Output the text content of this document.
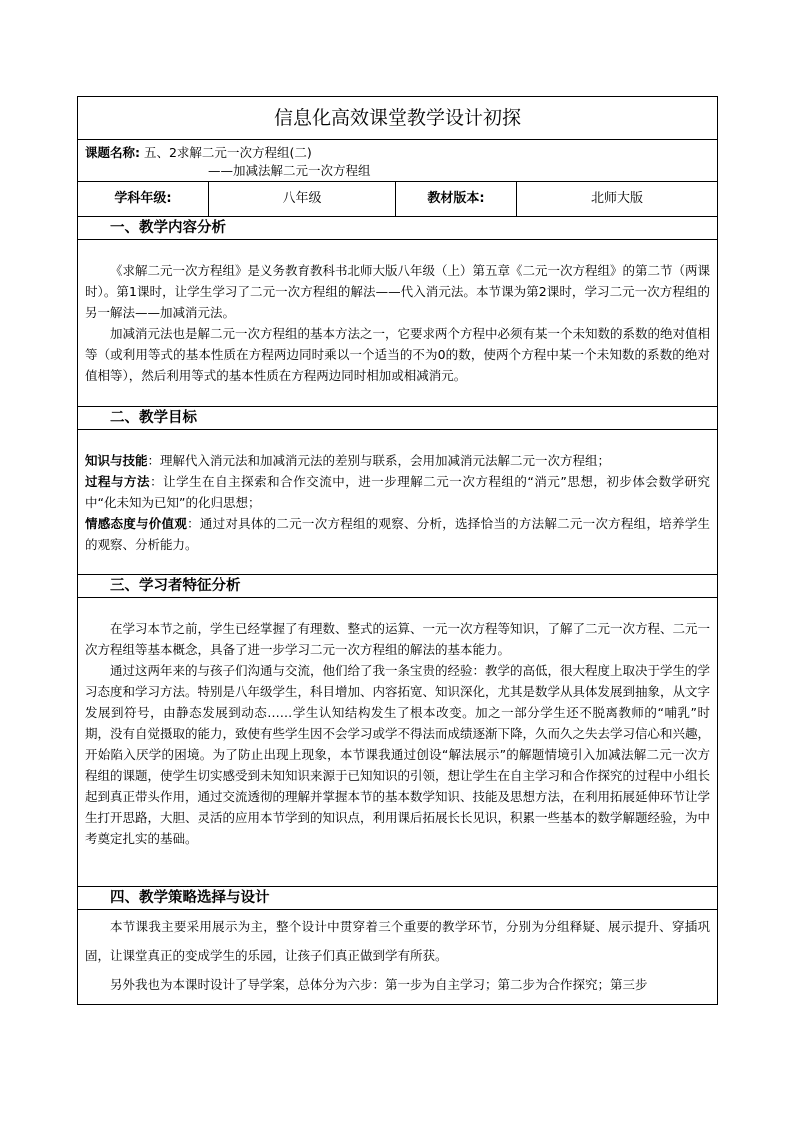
信息化高效课堂教学设计初探
课题名称: 五、2求解二元一次方程组(二)
——加减法解二元一次方程组
学科年级:	八年级	教材版本:	北师大版
一、教学内容分析

《求解二元一次方程组》是义务教育教科书北师大版八年级（上）第五章《二元一次方程组》的第二节（两课时）。第1课时，让学生学习了二元一次方程组的解法——代入消元法。本节课为第2课时，学习二元一次方程组的另一解法——加减消元法。

加减消元法也是解二元一次方程组的基本方法之一，它要求两个方程中必须有某一个未知数的系数的绝对值相等（或利用等式的基本性质在方程两边同时乘以一个适当的不为0的数，使两个方程中某一个未知数的系数的绝对值相等），然后利用等式的基本性质在方程两边同时相加或相减消元。

二、教学目标

知识与技能：理解代入消元法和加减消元法的差别与联系，会用加减消元法解二元一次方程组；

过程与方法：让学生在自主探索和合作交流中，进一步理解二元一次方程组的“消元”思想，初步体会数学研究中“化未知为已知”的化归思想；

情感态度与价值观：通过对具体的二元一次方程组的观察、分析，选择恰当的方法解二元一次方程组，培养学生的观察、分析能力。

三、学习者特征分析

在学习本节之前，学生已经掌握了有理数、整式的运算、一元一次方程等知识，了解了二元一次方程、二元一次方程组等基本概念，具备了进一步学习二元一次方程组的解法的基本能力。

通过这两年来的与孩子们沟通与交流，他们给了我一条宝贵的经验：教学的高低，很大程度上取决于学生的学习态度和学习方法。特别是八年级学生，科目增加、内容拓宽、知识深化，尤其是数学从具体发展到抽象，从文字发展到符号，由静态发展到动态……学生认知结构发生了根本改变。加之一部分学生还不脱离教师的“哺乳”时期，没有自觉摄取的能力，致使有些学生因不会学习或学不得法而成绩逐渐下降，久而久之失去学习信心和兴趣，开始陷入厌学的困境。为了防止出现上现象，本节课我通过创设“解法展示”的解题情境引入加减法解二元一次方程组的课题，使学生切实感受到未知知识来源于已知知识的引领，想让学生在自主学习和合作探究的过程中小组长起到真正带头作用，通过交流透彻的理解并掌握本节的基本数学知识、技能及思想方法，在利用拓展延伸环节让学生打开思路，大胆、灵活的应用本节学到的知识点，利用课后拓展长长见识，积累一些基本的数学解题经验，为中考奠定扎实的基础。

四、教学策略选择与设计

本节课我主要采用展示为主，整个设计中贯穿着三个重要的教学环节，分别为分组释疑、展示提升、穿插巩固，让课堂真正的变成学生的乐园，让孩子们真正做到学有所获。

另外我也为本课时设计了导学案，总体分为六步：第一步为自主学习；第二步为合作探究；第三步
